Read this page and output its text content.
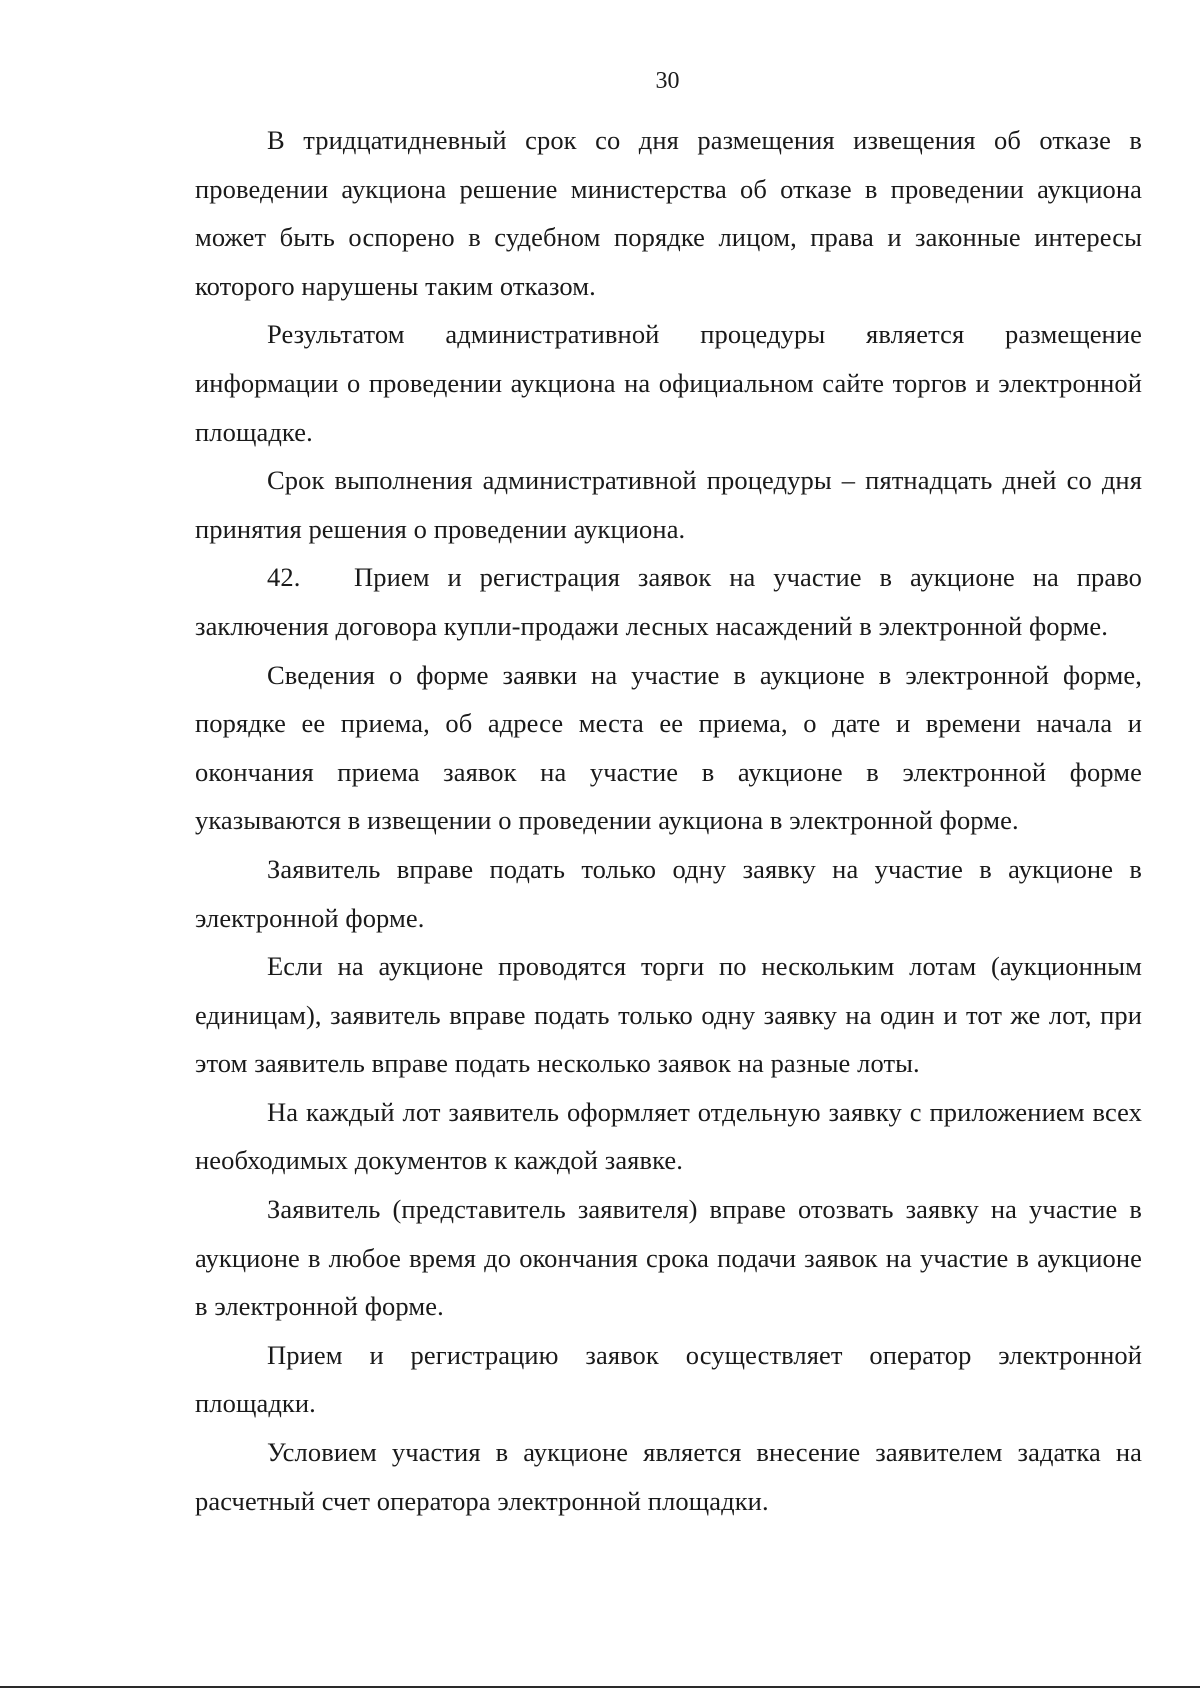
30

В тридцатидневный срок со дня размещения извещения об отказе в проведении аукциона решение министерства об отказе в проведении аукциона может быть оспорено в судебном порядке лицом, права и законные интересы которого нарушены таким отказом.

Результатом административной процедуры является размещение информации о проведении аукциона на официальном сайте торгов и электронной площадке.

Срок выполнения административной процедуры – пятнадцать дней со дня принятия решения о проведении аукциона.

42.   Прием и регистрация заявок на участие в аукционе на право заключения договора купли-продажи лесных насаждений в электронной форме.

Сведения о форме заявки на участие в аукционе в электронной форме, порядке ее приема, об адресе места ее приема, о дате и времени начала и окончания приема заявок на участие в аукционе в электронной форме указываются в извещении о проведении аукциона в электронной форме.

Заявитель вправе подать только одну заявку на участие в аукционе в электронной форме.

Если на аукционе проводятся торги по нескольким лотам (аукционным единицам), заявитель вправе подать только одну заявку на один и тот же лот, при этом заявитель вправе подать несколько заявок на разные лоты.

На каждый лот заявитель оформляет отдельную заявку с приложением всех необходимых документов к каждой заявке.

Заявитель (представитель заявителя) вправе отозвать заявку на участие в аукционе в любое время до окончания срока подачи заявок на участие в аукционе в электронной форме.

Прием и регистрацию заявок осуществляет оператор электронной площадки.

Условием участия в аукционе является внесение заявителем задатка на расчетный счет оператора электронной площадки.
